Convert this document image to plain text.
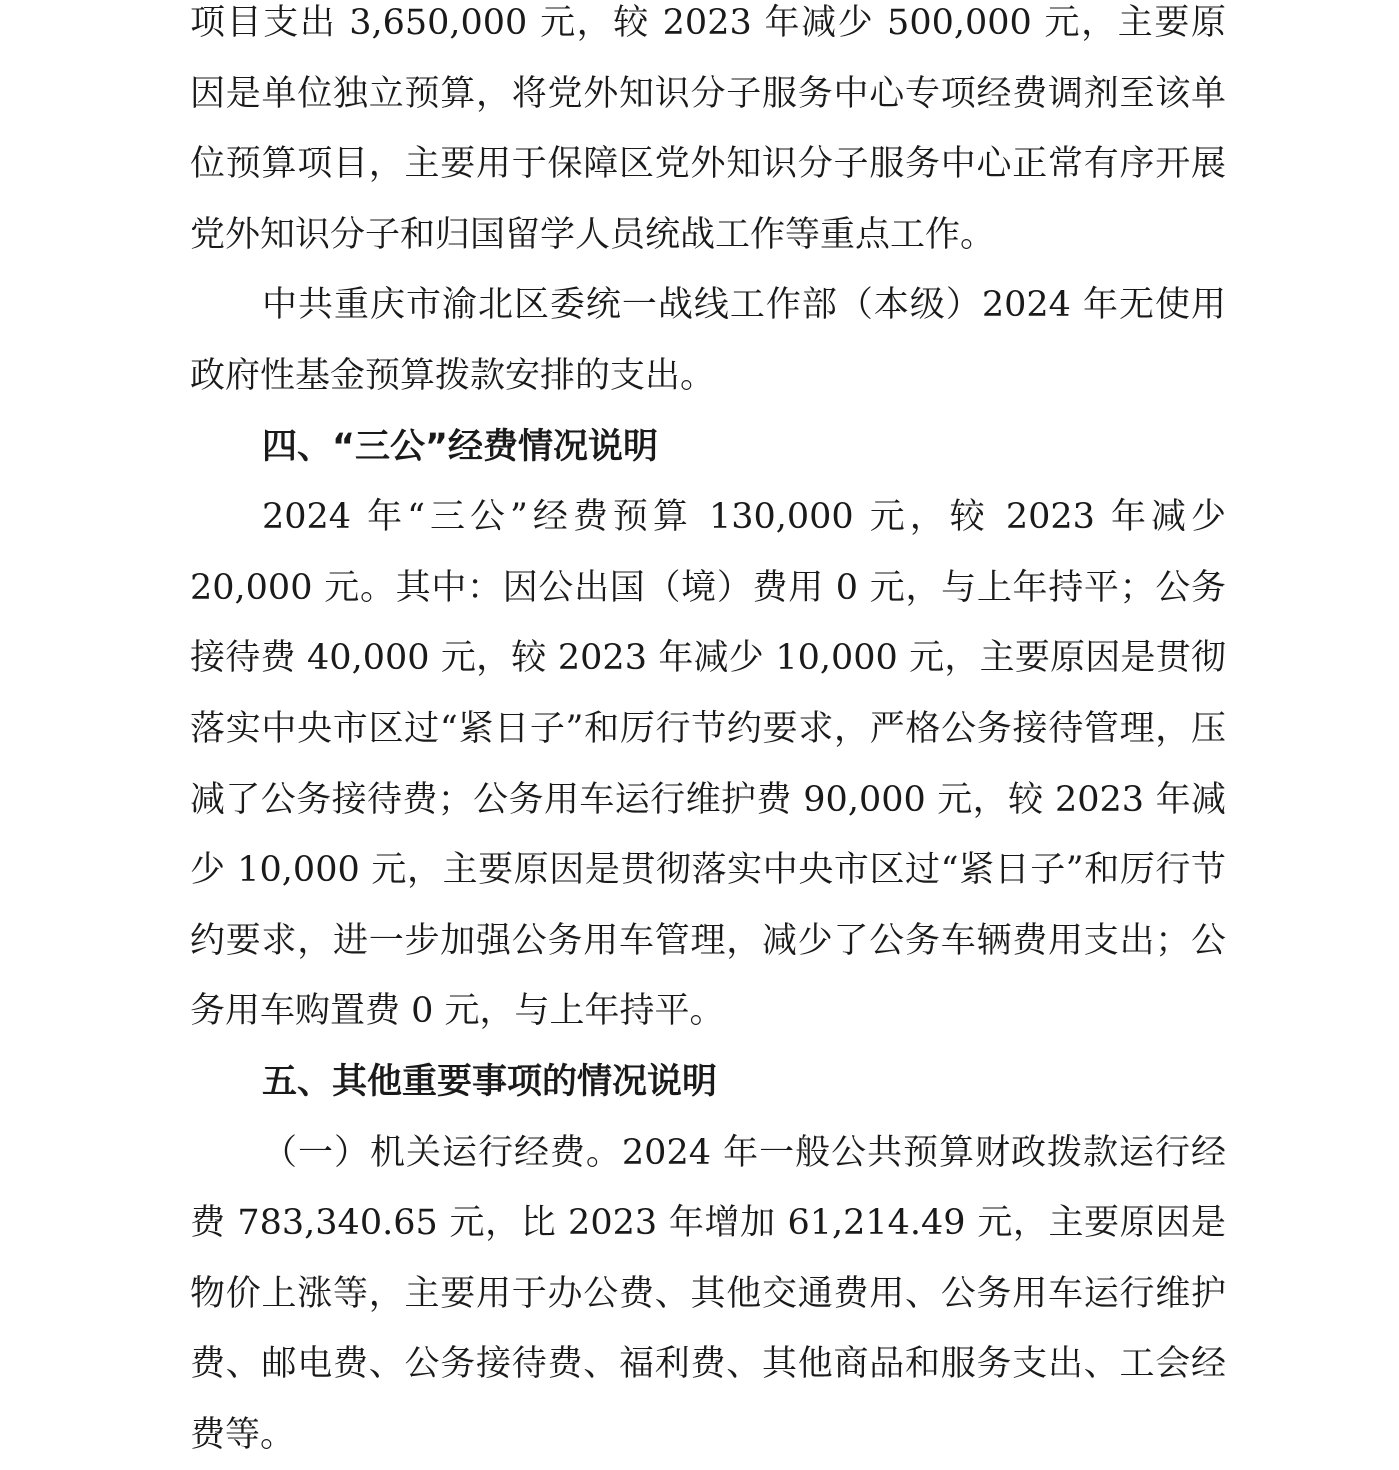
项目支出 3,650,000 元，较 2023 年减少 500,000 元，主要原因是单位独立预算，将党外知识分子服务中心专项经费调剂至该单位预算项目，主要用于保障区党外知识分子服务中心正常有序开展党外知识分子和归国留学人员统战工作等重点工作。

中共重庆市渝北区委统一战线工作部（本级）2024 年无使用政府性基金预算拨款安排的支出。

四、“三公”经费情况说明

2024 年“三公”经费预算 130,000 元，较 2023 年减少 20,000 元。其中：因公出国（境）费用 0 元，与上年持平；公务接待费 40,000 元，较 2023 年减少 10,000 元，主要原因是贯彻落实中央市区过“紧日子”和厉行节约要求，严格公务接待管理，压减了公务接待费；公务用车运行维护费 90,000 元，较 2023 年减少 10,000 元，主要原因是贯彻落实中央市区过“紧日子”和厉行节约要求，进一步加强公务用车管理，减少了公务车辆费用支出；公务用车购置费 0 元，与上年持平。

五、其他重要事项的情况说明

（一）机关运行经费。2024 年一般公共预算财政拨款运行经费 783,340.65 元，比 2023 年增加 61,214.49 元，主要原因是物价上涨等，主要用于办公费、其他交通费用、公务用车运行维护费、邮电费、公务接待费、福利费、其他商品和服务支出、工会经费等。
